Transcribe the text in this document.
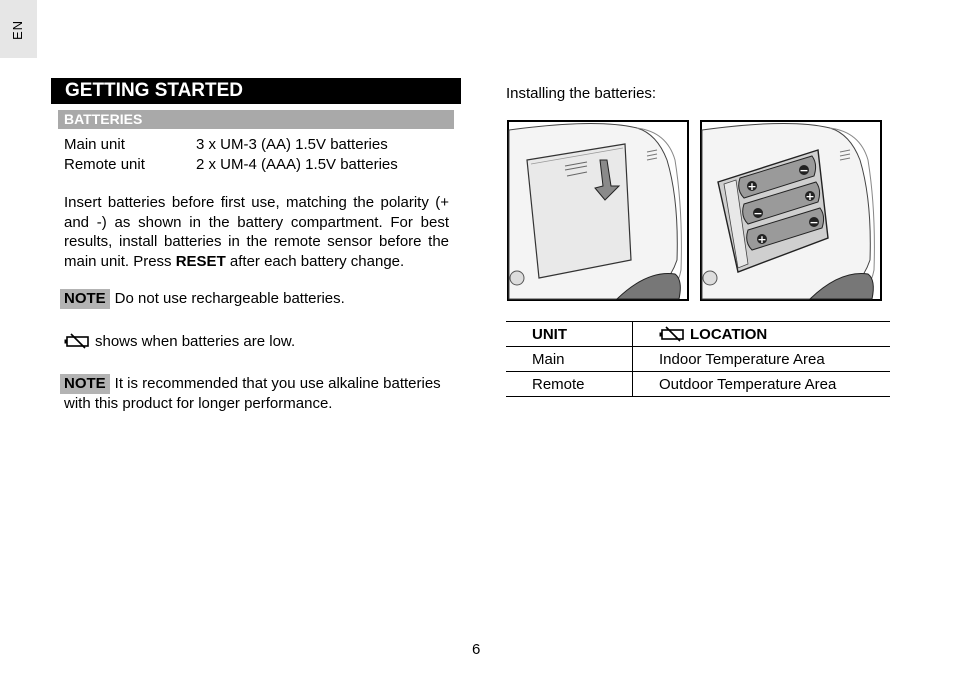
EN
GETTING STARTED
BATTERIES
Main unit	3 x UM-3 (AA) 1.5V batteries
Remote unit	2 x UM-4 (AAA) 1.5V batteries
Insert batteries before first use, matching the polarity (+ and -) as shown in the battery compartment. For best results, install batteries in the remote sensor before the main unit. Press RESET after each battery change.
NOTE Do not use rechargeable batteries.
shows when batteries are low.
NOTE It is recommended that you use alkaline batteries with this product for longer performance.
Installing the batteries:
+
−
−
+
+
−
UNIT	LOCATION
Main	Indoor Temperature Area
Remote	Outdoor Temperature Area
6
